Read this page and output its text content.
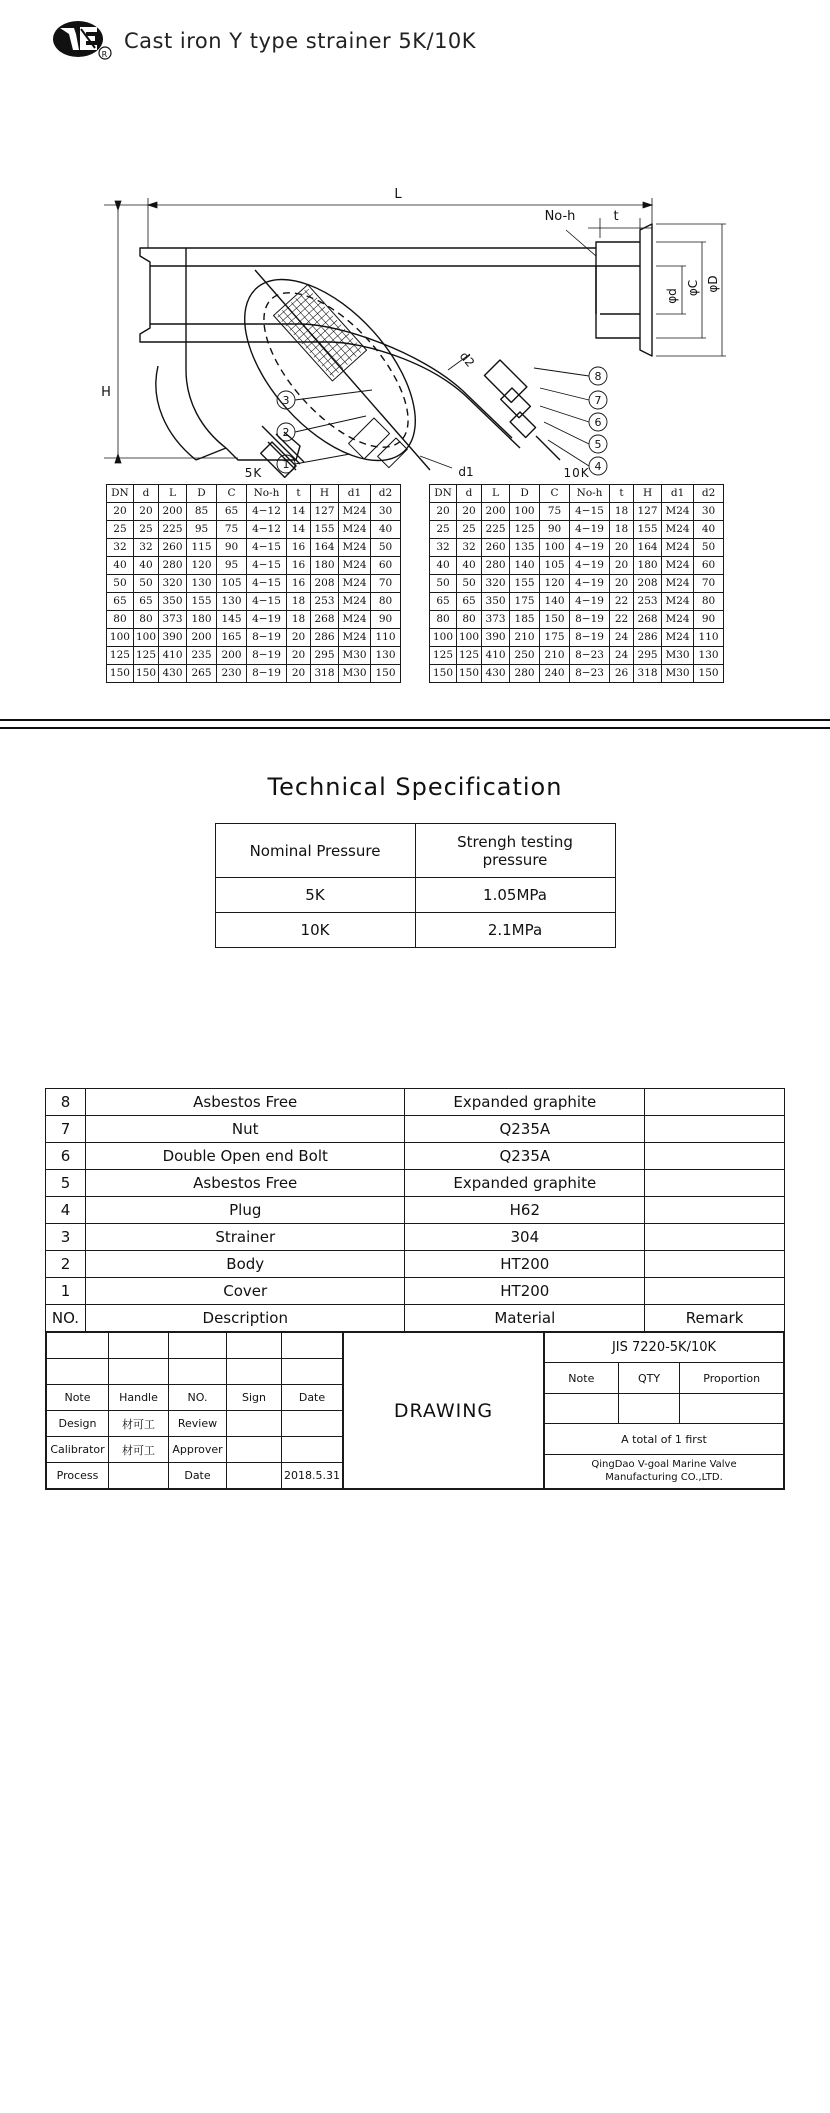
R
Cast iron Y type strainer 5K/10K
3
2
1
8
7
6
5
4
L
t
No-h
H
φd φC φD
d2
d1
5K
DN	d	L	D	C	No-h	t	H	d1	d2
20	20	200	85	65	4−12	14	127	M24	30
25	25	225	95	75	4−12	14	155	M24	40
32	32	260	115	90	4−15	16	164	M24	50
40	40	280	120	95	4−15	16	180	M24	60
50	50	320	130	105	4−15	16	208	M24	70
65	65	350	155	130	4−15	18	253	M24	80
80	80	373	180	145	4−19	18	268	M24	90
100	100	390	200	165	8−19	20	286	M24	110
125	125	410	235	200	8−19	20	295	M30	130
150	150	430	265	230	8−19	20	318	M30	150
10K
DN	d	L	D	C	No-h	t	H	d1	d2
20	20	200	100	75	4−15	18	127	M24	30
25	25	225	125	90	4−19	18	155	M24	40
32	32	260	135	100	4−19	20	164	M24	50
40	40	280	140	105	4−19	20	180	M24	60
50	50	320	155	120	4−19	20	208	M24	70
65	65	350	175	140	4−19	22	253	M24	80
80	80	373	185	150	8−19	22	268	M24	90
100	100	390	210	175	8−19	24	286	M24	110
125	125	410	250	210	8−23	24	295	M30	130
150	150	430	280	240	8−23	26	318	M30	150
Technical Specification
Nominal Pressure	Strengh testing pressure
5K	1.05MPa
10K	2.1MPa
8	Asbestos Free	Expanded graphite	
7	Nut	Q235A	
6	Double Open end Bolt	Q235A	
5	Asbestos Free	Expanded graphite	
4	Plug	H62	
3	Strainer	304	
2	Body	HT200	
1	Cover	HT200	
NO.	Description	Material	Remark

Note	Handle	NO.	Sign	Date
Design	材可工	Review		
Calibrator	材可工	Approver		
Process		Date		2018.5.31
DRAWING
JIS 7220-5K/10K		
Note	QTY	Proportion

A total of 1 first		
QingDao V-goal Marine Valve
Manufacturing CO.,LTD.		
